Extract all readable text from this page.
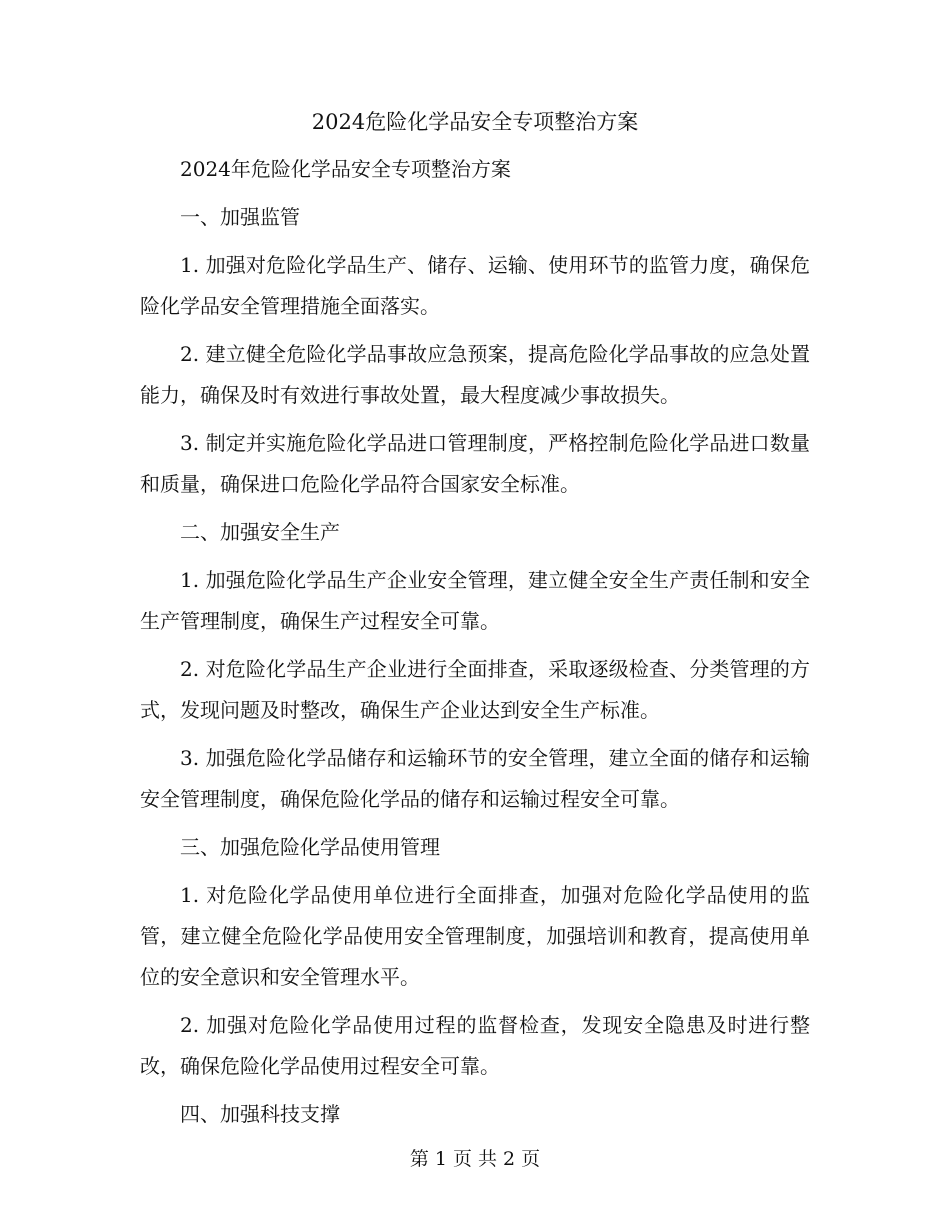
2024危险化学品安全专项整治方案

2024年危险化学品安全专项整治方案

一、加强监管

1. 加强对危险化学品生产、储存、运输、使用环节的监管力度，确保危险化学品安全管理措施全面落实。

2. 建立健全危险化学品事故应急预案，提高危险化学品事故的应急处置能力，确保及时有效进行事故处置，最大程度减少事故损失。

3. 制定并实施危险化学品进口管理制度，严格控制危险化学品进口数量和质量，确保进口危险化学品符合国家安全标准。

二、加强安全生产

1. 加强危险化学品生产企业安全管理，建立健全安全生产责任制和安全生产管理制度，确保生产过程安全可靠。

2. 对危险化学品生产企业进行全面排查，采取逐级检查、分类管理的方式，发现问题及时整改，确保生产企业达到安全生产标准。

3. 加强危险化学品储存和运输环节的安全管理，建立全面的储存和运输安全管理制度，确保危险化学品的储存和运输过程安全可靠。

三、加强危险化学品使用管理

1. 对危险化学品使用单位进行全面排查，加强对危险化学品使用的监管，建立健全危险化学品使用安全管理制度，加强培训和教育，提高使用单位的安全意识和安全管理水平。

2. 加强对危险化学品使用过程的监督检查，发现安全隐患及时进行整改，确保危险化学品使用过程安全可靠。

四、加强科技支撑

第 1 页 共 2 页
